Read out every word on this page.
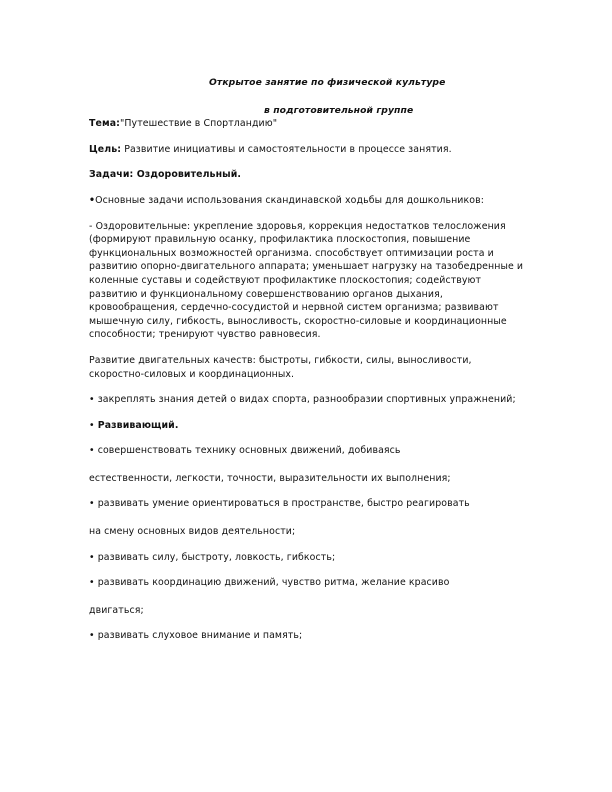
Открытое занятие по физической культуре

в подготовительной группе

Тема:"Путешествие в Спортландию"

Цель: Развитие инициативы и самостоятельности в процессе занятия.

Задачи: Оздоровительный.

•Основные задачи использования скандинавской ходьбы для дошкольников:

- Оздоровительные: укрепление здоровья, коррекция недостатков телосложения (формируют правильную осанку, профилактика плоскостопия, повышение функциональных возможностей организма. способствует оптимизации роста и развитию опорно-двигательного аппарата; уменьшает нагрузку на тазобедренные и коленные суставы и содействуют профилактике плоскостопия; содействуют развитию и функциональному совершенствованию органов дыхания, кровообращения, сердечно-сосудистой и нервной систем организма; развивают мышечную силу, гибкость, выносливость, скоростно-силовые и координационные способности; тренируют чувство равновесия.

Развитие двигательных качеств: быстроты, гибкости, силы, выносливости, скоростно-силовых и координационных.

• закреплять знания детей о видах спорта, разнообразии спортивных упражнений;

• Развивающий.

• совершенствовать технику основных движений, добиваясь

естественности, легкости, точности, выразительности их выполнения;

• развивать умение ориентироваться в пространстве, быстро реагировать

на смену основных видов деятельности;

• развивать силу, быстроту, ловкость, гибкость;

• развивать координацию движений, чувство ритма, желание красиво

двигаться;

• развивать слуховое внимание и память;
